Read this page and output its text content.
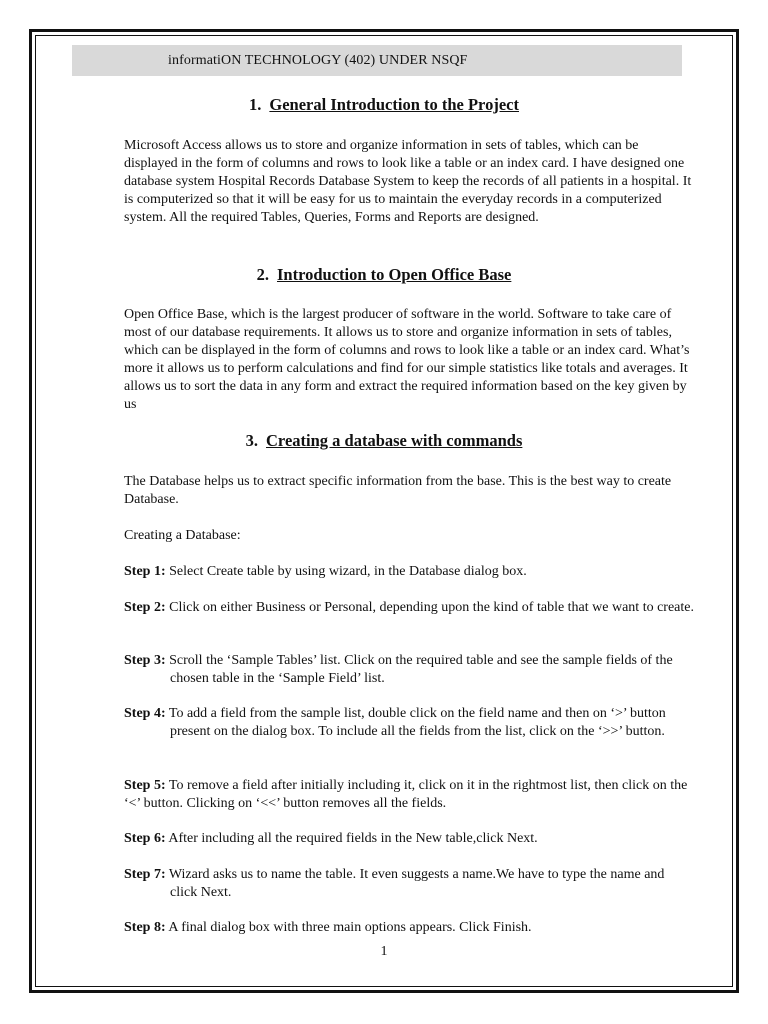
informatiON TECHNOLOGY (402) UNDER NSQF
1. General Introduction to the Project
Microsoft Access allows us to store and organize information in sets of tables, which can be displayed in the form of columns and rows to look like a table or an index card. I have designed one database system Hospital Records Database System to keep the records of all patients in a hospital. It is computerized so that it will be easy for us to maintain the everyday records in a computerized system. All the required Tables, Queries, Forms and Reports are designed.
2. Introduction to Open Office Base
Open Office Base, which is the largest producer of software in the world. Software to take care of most of our database requirements. It allows us to store and organize information in sets of tables, which can be displayed in the form of columns and rows to look like a table or an index card. What’s more it allows us to perform calculations and find for our simple statistics like totals and averages. It allows us to sort the data in any form and extract the required information based on the key given by us
3. Creating a database with commands
The Database helps us to extract specific information from the base. This is the best way to create Database.
Creating a Database:
Step 1: Select Create table by using wizard, in the Database dialog box.
Step 2: Click on either Business or Personal, depending upon the kind of table that we want to create.
Step 3: Scroll the ‘Sample Tables’ list. Click on the required table and see the sample fields of the chosen table in the ‘Sample Field’ list.
Step 4: To add a field from the sample list, double click on the field name and then on ‘>’ button present on the dialog box. To include all the fields from the list, click on the ‘>>’ button.
Step 5: To remove a field after initially including it, click on it in the rightmost list, then click on the ‘<’ button. Clicking on ‘<<’ button removes all the fields.
Step 6: After including all the required fields in the New table,click Next.
Step 7: Wizard asks us to name the table. It even suggests a name.We have to type the name and click Next.
Step 8: A final dialog box with three main options appears. Click Finish.
1
